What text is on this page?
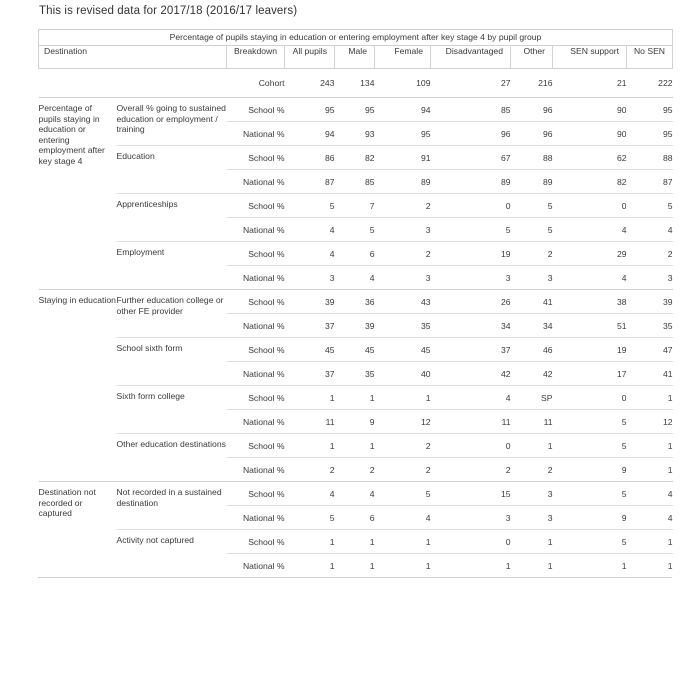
This is revised data for 2017/18 (2016/17 leavers)
Percentage of pupils staying in education or entering employment after key stage 4 by pupil group									
Destination		Breakdown	All pupils	Male	Female	Disadvantaged	Other	SEN support	No SEN
		Cohort	243	134	109	27	216	21	222
Percentage of pupils staying in education or entering employment after key stage 4	Overall % going to sustained education or employment / training	School %	95	95	94	85	96	90	95
		National %	94	93	95	96	96	90	95
	Education	School %	86	82	91	67	88	62	88
		National %	87	85	89	89	89	82	87
	Apprenticeships	School %	5	7	2	0	5	0	5
		National %	4	5	3	5	5	4	4
	Employment	School %	4	6	2	19	2	29	2
		National %	3	4	3	3	3	4	3
Staying in education	Further education college or other FE provider	School %	39	36	43	26	41	38	39
		National %	37	39	35	34	34	51	35
	School sixth form	School %	45	45	45	37	46	19	47
		National %	37	35	40	42	42	17	41
	Sixth form college	School %	1	1	1	4	SP	0	1
		National %	11	9	12	11	11	5	12
	Other education destinations	School %	1	1	2	0	1	5	1
		National %	2	2	2	2	2	9	1
Destination not recorded or captured	Not recorded in a sustained destination	School %	4	4	5	15	3	5	4
		National %	5	6	4	3	3	9	4
	Activity not captured	School %	1	1	1	0	1	5	1
		National %	1	1	1	1	1	1	1
